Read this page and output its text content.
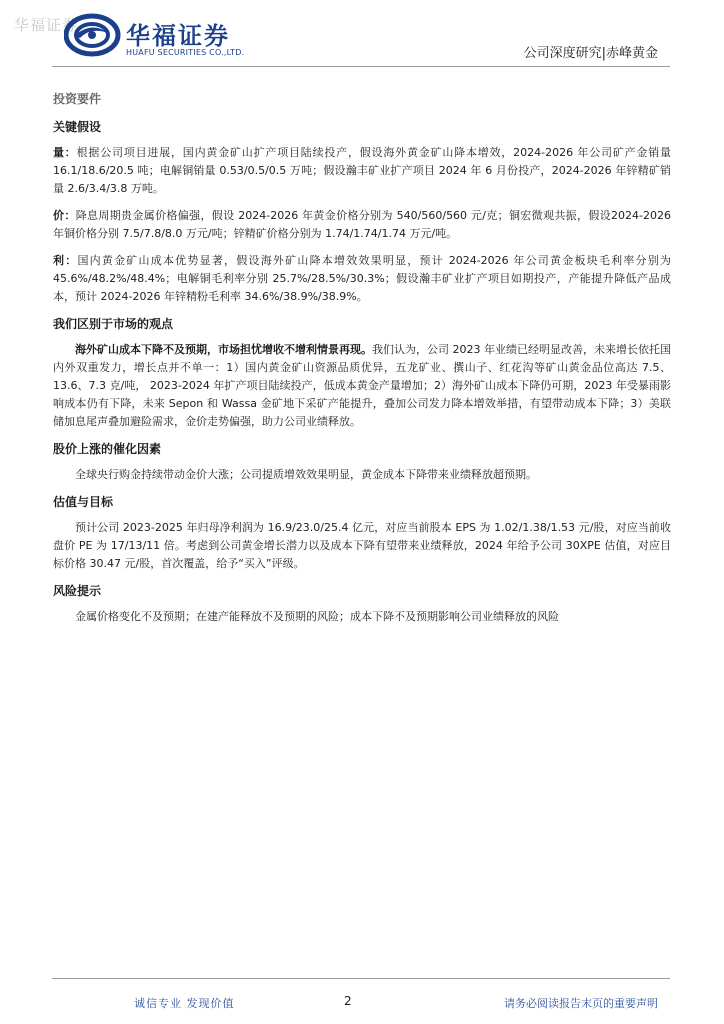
华福证券 华福证券
HUAFU SECURITIES CO.,LTD.	公司深度研究|赤峰黄金
投资要件
关键假设

量：根据公司项目进展，国内黄金矿山扩产项目陆续投产，假设海外黄金矿山降本增效，2024-2026 年公司矿产金销量 16.1/18.6/20.5 吨；电解铜销量 0.53/0.5/0.5 万吨；假设瀚丰矿业扩产项目 2024 年 6 月份投产，2024-2026 年锌精矿销量 2.6/3.4/3.8 万吨。

价：降息周期贵金属价格偏强，假设 2024-2026 年黄金价格分别为 540/560/560 元/克；铜宏微观共振，假设2024-2026 年铜价格分别 7.5/7.8/8.0 万元/吨；锌精矿价格分别为 1.74/1.74/1.74 万元/吨。

利：国内黄金矿山成本优势显著，假设海外矿山降本增效效果明显，预计 2024-2026 年公司黄金板块毛利率分别为 45.6%/48.2%/48.4%；电解铜毛利率分别 25.7%/28.5%/30.3%；假设瀚丰矿业扩产项目如期投产，产能提升降低产品成本，预计 2024-2026 年锌精粉毛利率 34.6%/38.9%/38.9%。

我们区别于市场的观点

海外矿山成本下降不及预期，市场担忧增收不增利情景再现。我们认为，公司 2023 年业绩已经明显改善，未来增长依托国内外双重发力，增长点并不单一：1）国内黄金矿山资源品质优异，五龙矿业、撰山子、红花沟等矿山黄金品位高达 7.5、13.6、7.3 克/吨， 2023-2024 年扩产项目陆续投产，低成本黄金产量增加；2）海外矿山成本下降仍可期，2023 年受暴雨影响成本仍有下降，未来 Sepon 和 Wassa 金矿地下采矿产能提升，叠加公司发力降本增效举措，有望带动成本下降；3）美联储加息尾声叠加避险需求，金价走势偏强，助力公司业绩释放。

股价上涨的催化因素

全球央行购金持续带动金价大涨；公司提质增效效果明显，黄金成本下降带来业绩释放超预期。

估值与目标

预计公司 2023-2025 年归母净利润为 16.9/23.0/25.4 亿元，对应当前股本 EPS 为 1.02/1.38/1.53 元/股，对应当前收盘价 PE 为 17/13/11 倍。考虑到公司黄金增长潜力以及成本下降有望带来业绩释放，2024 年给予公司 30XPE 估值，对应目标价格 30.47 元/股，首次覆盖，给予“买入”评级。

风险提示

金属价格变化不及预期；在建产能释放不及预期的风险；成本下降不及预期影响公司业绩释放的风险

诚信专业 发现价值	2	请务必阅读报告末页的重要声明
